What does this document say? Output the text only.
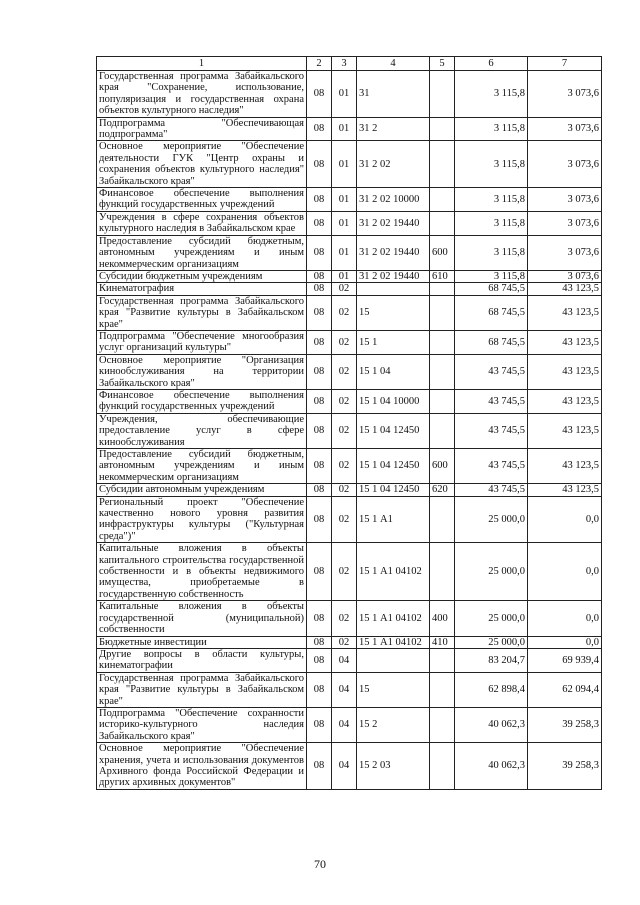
1	2	3	4	5	6	7
Государственная программа Забайкальского края "Сохранение, использование, популяризация и государственная охрана объектов культурного наследия"	08	01	31		3 115,8	3 073,6
Подпрограмма "Обеспечивающая подпрограмма"	08	01	31 2		3 115,8	3 073,6
Основное мероприятие "Обеспечение деятельности ГУК "Центр охраны и сохранения объектов культурного наследия" Забайкальского края"	08	01	31 2 02		3 115,8	3 073,6
Финансовое обеспечение выполнения функций государственных учреждений	08	01	31 2 02 10000		3 115,8	3 073,6
Учреждения в сфере сохранения объектов культурного наследия в Забайкальском крае	08	01	31 2 02 19440		3 115,8	3 073,6
Предоставление субсидий бюджетным, автономным учреждениям и иным некоммерческим организациям	08	01	31 2 02 19440	600	3 115,8	3 073,6
Субсидии бюджетным учреждениям	08	01	31 2 02 19440	610	3 115,8	3 073,6
Кинематография	08	02			68 745,5	43 123,5
Государственная программа Забайкальского края "Развитие культуры в Забайкальском крае"	08	02	15		68 745,5	43 123,5
Подпрограмма "Обеспечение многообразия услуг организаций культуры"	08	02	15 1		68 745,5	43 123,5
Основное мероприятие "Организация кинообслуживания на территории Забайкальского края"	08	02	15 1 04		43 745,5	43 123,5
Финансовое обеспечение выполнения функций государственных учреждений	08	02	15 1 04 10000		43 745,5	43 123,5
Учреждения, обеспечивающие предоставление услуг в сфере кинообслуживания	08	02	15 1 04 12450		43 745,5	43 123,5
Предоставление субсидий бюджетным, автономным учреждениям и иным некоммерческим организациям	08	02	15 1 04 12450	600	43 745,5	43 123,5
Субсидии автономным учреждениям	08	02	15 1 04 12450	620	43 745,5	43 123,5
Региональный проект "Обеспечение качественно нового уровня развития инфраструктуры культуры ("Культурная среда")"	08	02	15 1 А1		25 000,0	0,0
Капитальные вложения в объекты капитального строительства государственной собственности и в объекты недвижимого имущества, приобретаемые в государственную собственность	08	02	15 1 А1 04102		25 000,0	0,0
Капитальные вложения в объекты государственной (муниципальной) собственности	08	02	15 1 А1 04102	400	25 000,0	0,0
Бюджетные инвестиции	08	02	15 1 А1 04102	410	25 000,0	0,0
Другие вопросы в области культуры, кинематографии	08	04			83 204,7	69 939,4
Государственная программа Забайкальского края "Развитие культуры в Забайкальском крае"	08	04	15		62 898,4	62 094,4
Подпрограмма "Обеспечение сохранности историко-культурного наследия Забайкальского края"	08	04	15 2		40 062,3	39 258,3
Основное мероприятие "Обеспечение хранения, учета и использования документов Архивного фонда Российской Федерации и других архивных документов"	08	04	15 2 03		40 062,3	39 258,3
70
